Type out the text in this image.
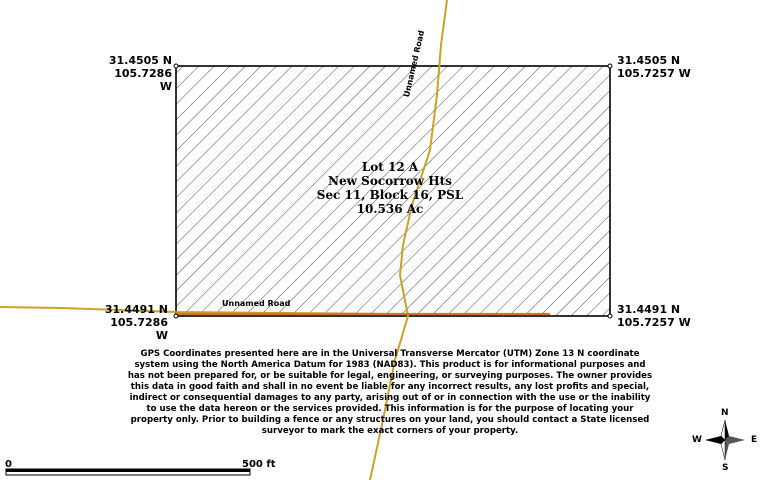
31.4505 N
105.7286 W
31.4505 N
105.7257 W
31.4491 N
105.7286 W
31.4491 N
105.7257 W
Lot 12 A
New Socorrow Hts
Sec 11, Block 16, PSL
10.536 Ac
Unnamed Road
Unnamed Road
GPS Coordinates presented here are in the Universal Transverse Mercator (UTM) Zone 13 N coordinate system using the North America Datum for 1983 (NAD83). This product is for informational purposes and has not been prepared for, or be suitable for legal, engineering, or surveying purposes. The owner provides this data in good faith and shall in no event be liable for any incorrect results, any lost profits and special, indirect or consequential damages to any party, arising out of or in connection with the use or the inability to use the data hereon or the services provided. This information is for the purpose of locating your property only. Prior to building a fence or any structures on your land, you should contact a State licensed surveyor to mark the exact corners of your property.
0	500 ft
N
S
W	E
